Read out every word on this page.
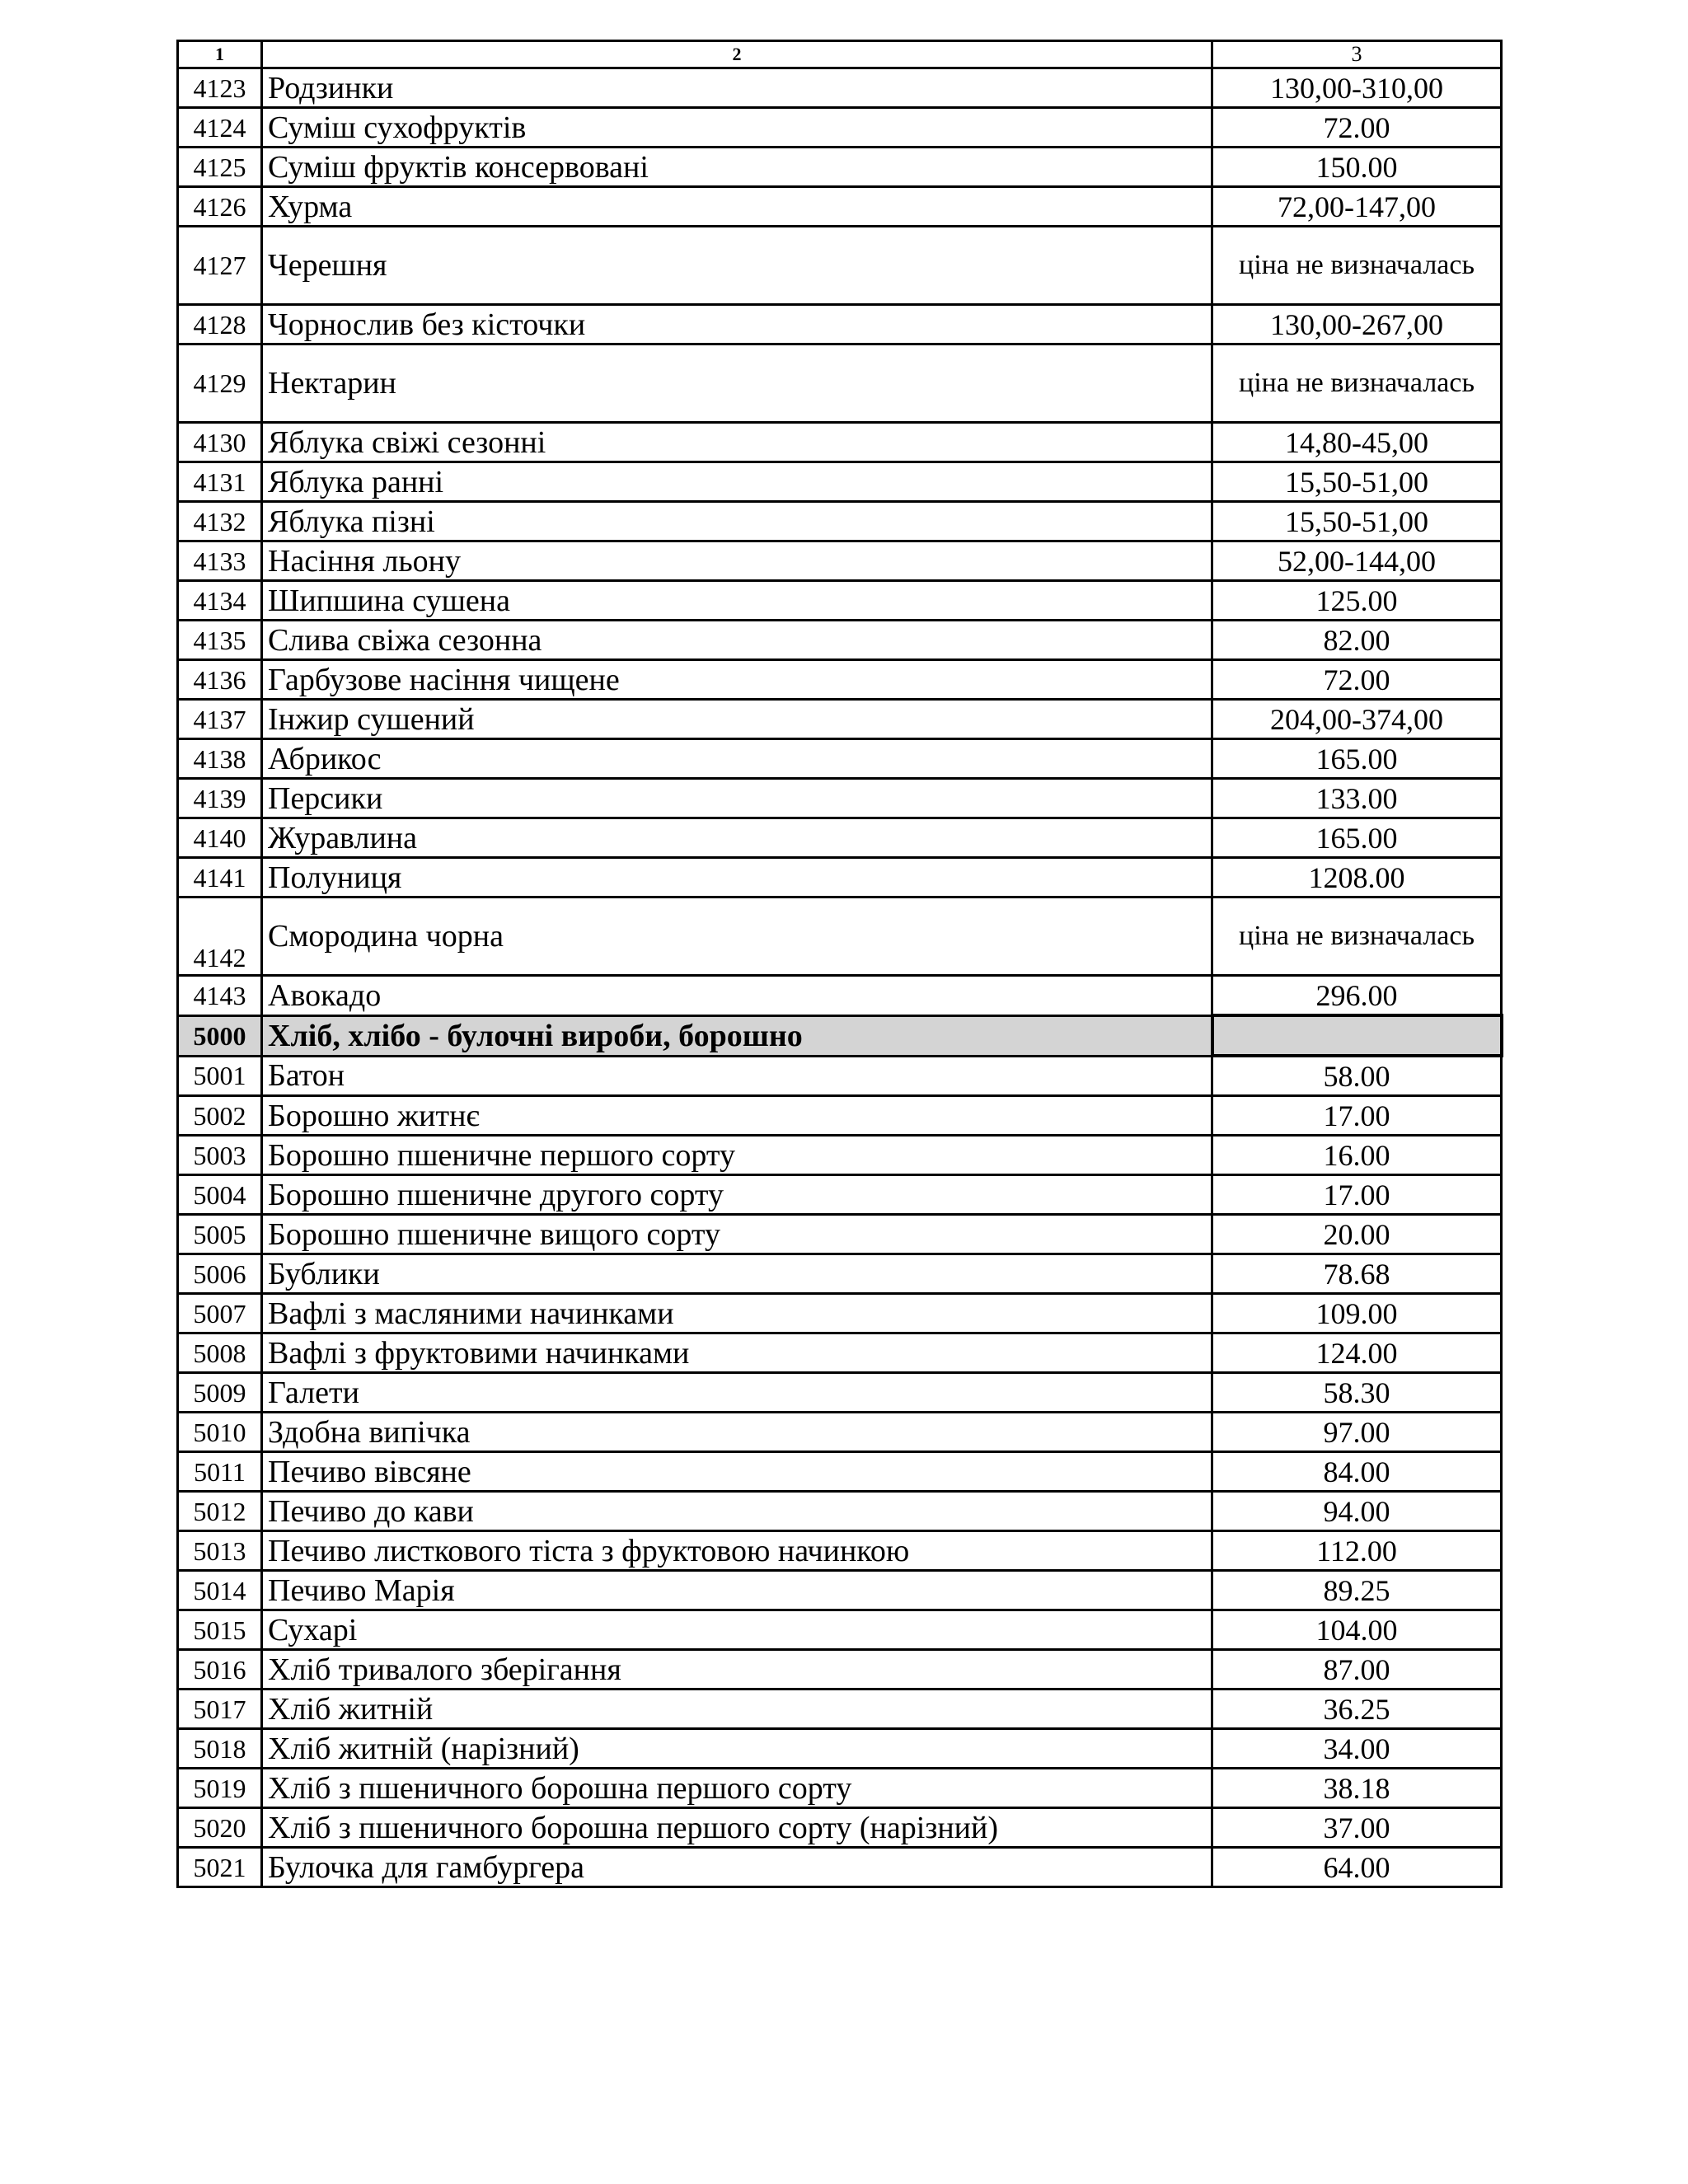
1	2	3
4123	Родзинки	130,00-310,00
4124	Суміш сухофруктів	72.00
4125	Суміш фруктів консервовані	150.00
4126	Хурма	72,00-147,00
4127	Черешня	ціна не визначалась
4128	Чорнослив без кісточки	130,00-267,00
4129	Нектарин	ціна не визначалась
4130	Яблука свіжі сезонні	14,80-45,00
4131	Яблука ранні	15,50-51,00
4132	Яблука пізні	15,50-51,00
4133	Насіння льону	52,00-144,00
4134	Шипшина сушена	125.00
4135	Слива свіжа сезонна	82.00
4136	Гарбузове насіння чищене	72.00
4137	Інжир сушений	204,00-374,00
4138	Абрикос	165.00
4139	Персики	133.00
4140	Журавлина	165.00
4141	Полуниця	1208.00
4142	Смородина чорна	ціна не визначалась
4143	Авокадо	296.00
5000	Хліб, хлібо - булочні вироби, борошно	
5001	Батон	58.00
5002	Борошно житнє	17.00
5003	Борошно пшеничне першого сорту	16.00
5004	Борошно пшеничне другого сорту	17.00
5005	Борошно пшеничне вищого сорту	20.00
5006	Бублики	78.68
5007	Вафлі з масляними начинками	109.00
5008	Вафлі з фруктовими начинками	124.00
5009	Галети	58.30
5010	Здобна випічка	97.00
5011	Печиво вівсяне	84.00
5012	Печиво до кави	94.00
5013	Печиво листкового тіста з фруктовою начинкою	112.00
5014	Печиво Марія	89.25
5015	Сухарі	104.00
5016	Хліб тривалого зберігання	87.00
5017	Хліб житній	36.25
5018	Хліб житній (нарізний)	34.00
5019	Хліб з пшеничного борошна першого сорту	38.18
5020	Хліб з пшеничного борошна першого сорту (нарізний)	37.00
5021	Булочка для гамбургера	64.00
